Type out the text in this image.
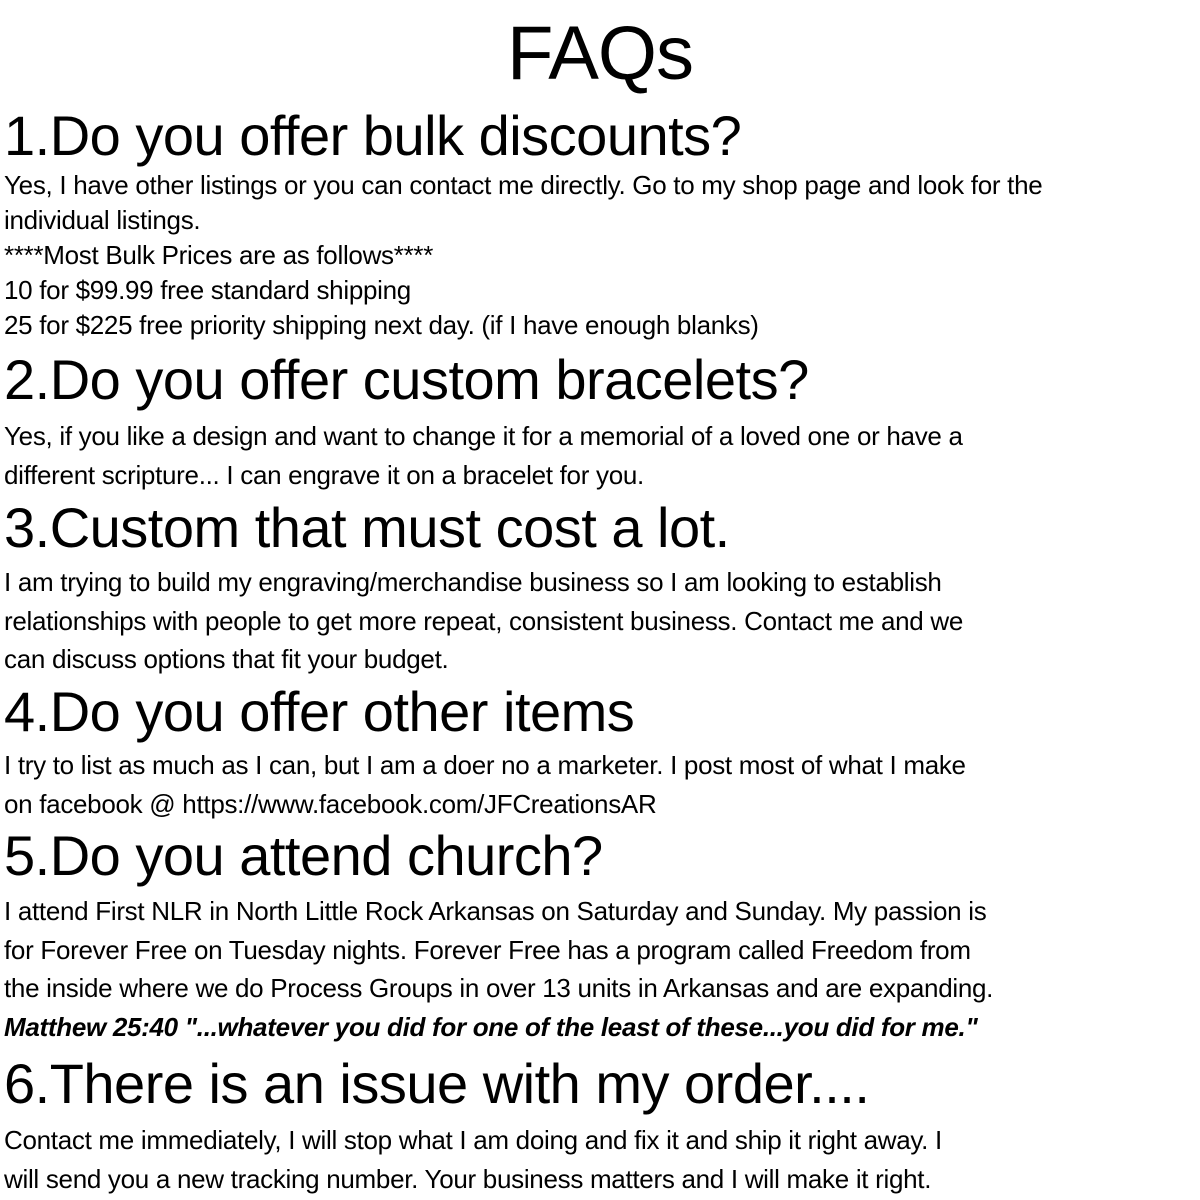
FAQs
1.Do you offer bulk discounts?
Yes, I have other listings or you can contact me directly. Go to my shop page and look for the
individual listings.
****Most Bulk Prices are as follows****
10 for $99.99 free standard shipping
25 for $225 free priority shipping next day. (if I have enough blanks)
2.Do you offer custom bracelets?
Yes, if you like a design and want to change it for a memorial of a loved one or have a
different scripture... I can engrave it on a bracelet for you.
3.Custom that must cost a lot.
I am trying to build my engraving/merchandise business so I am looking to establish
relationships with people to get more repeat, consistent business. Contact me and we
can discuss options that fit your budget.
4.Do you offer other items
I try to list as much as I can, but I am a doer no a marketer. I post most of what I make
on facebook @ https://www.facebook.com/JFCreationsAR
5.Do you attend church?
I attend First NLR in North Little Rock Arkansas on Saturday and Sunday. My passion is
for Forever Free on Tuesday nights. Forever Free has a program called Freedom from
the inside where we do Process Groups in over 13 units in Arkansas and are expanding.
Matthew 25:40 "...whatever you did for one of the least of these...you did for me."
6.There is an issue with my order....
Contact me immediately, I will stop what I am doing and fix it and ship it right away. I
will send you a new tracking number. Your business matters and I will make it right.
